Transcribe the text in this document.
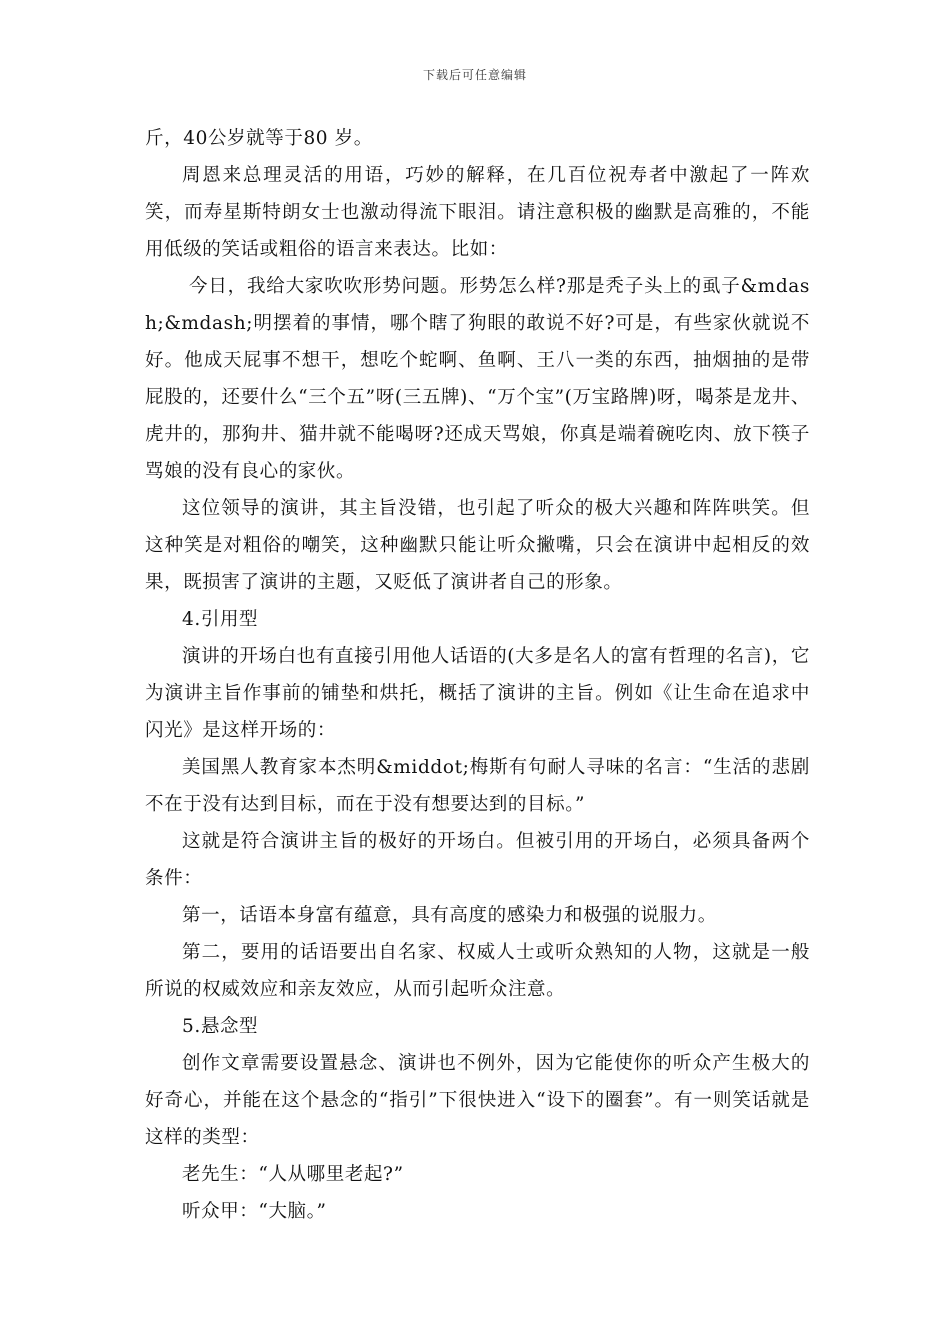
下载后可任意编辑

斤，40公岁就等于80 岁。

周恩来总理灵活的用语，巧妙的解释，在几百位祝寿者中激起了一阵欢笑，而寿星斯特朗女士也激动得流下眼泪。请注意积极的幽默是高雅的，不能用低级的笑话或粗俗的语言来表达。比如：

今日，我给大家吹吹形势问题。形势怎么样?那是秃子头上的虱子&mdash;&mdash;明摆着的事情，哪个瞎了狗眼的敢说不好?可是，有些家伙就说不好。他成天屁事不想干，想吃个蛇啊、鱼啊、王八一类的东西，抽烟抽的是带屁股的，还要什么“三个五”呀(三五牌)、“万个宝”(万宝路牌)呀，喝茶是龙井、虎井的，那狗井、猫井就不能喝呀?还成天骂娘，你真是端着碗吃肉、放下筷子骂娘的没有良心的家伙。

这位领导的演讲，其主旨没错，也引起了听众的极大兴趣和阵阵哄笑。但这种笑是对粗俗的嘲笑，这种幽默只能让听众撇嘴，只会在演讲中起相反的效果，既损害了演讲的主题，又贬低了演讲者自己的形象。

4.引用型

演讲的开场白也有直接引用他人话语的(大多是名人的富有哲理的名言)，它为演讲主旨作事前的铺垫和烘托，概括了演讲的主旨。例如《让生命在追求中闪光》是这样开场的：

美国黑人教育家本杰明&middot;梅斯有句耐人寻味的名言：“生活的悲剧不在于没有达到目标，而在于没有想要达到的目标。”

这就是符合演讲主旨的极好的开场白。但被引用的开场白，必须具备两个条件：

第一，话语本身富有蕴意，具有高度的感染力和极强的说服力。

第二，要用的话语要出自名家、权威人士或听众熟知的人物，这就是一般所说的权威效应和亲友效应，从而引起听众注意。

5.悬念型

创作文章需要设置悬念、演讲也不例外，因为它能使你的听众产生极大的好奇心，并能在这个悬念的“指引”下很快进入“设下的圈套”。有一则笑话就是这样的类型：

老先生：“人从哪里老起?”

听众甲：“大脑。”
